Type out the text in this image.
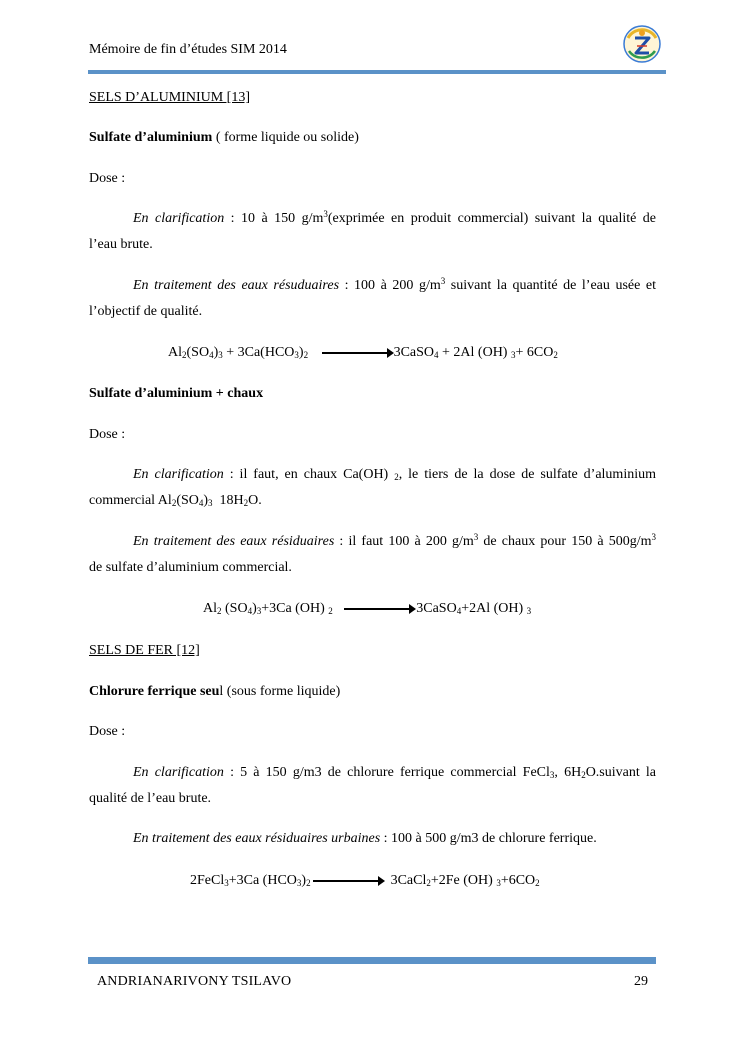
Mémoire de fin d’études SIM 2014
SELS D’ALUMINIUM [13]
Sulfate d’aluminium ( forme liquide ou solide)
Dose :
En clarification : 10 à 150 $g/m^3(exprimée$ en produit commercial) suivant la qualité de
l’eau brute.
En traitement des eaux résuduaires : 100 à 200 $g/m^3$ suivant la quantité de l’eau usée et
l’objectif de qualité.
$Al_2(SO_4)_3 + 3Ca(HCO_3)_2$	3CaSO$_4$ + 2Al (OH) $_3+ 6CO_2$
Sulfate d’aluminium + chaux
Dose :
En clarification : il faut, en chaux Ca(OH) $_2$, le tiers de la dose de sulfate d’aluminium
commercial $Al_2(SO_4)_3$  $18H_2O$.
En traitement des eaux résiduaires : il faut 100 à 200 $g/m^3$ de chaux pour 150 à $500g/m^3$
de sulfate d’aluminium commercial.
$Al_2$ $(SO_4)_3+3Ca$ (OH) $_2$	3CaSO$_4$+2Al (OH) $_3$
SELS DE FER [12]
Chlorure ferrique seul (sous forme liquide)
Dose :
En clarification : 5 à 150 g/m3 de chlorure ferrique commercial FeCl$_3$, $6H_2O.suivant$ la
qualité de l’eau brute.
En traitement des eaux résiduaires urbaines : 100 à 500 g/m3 de chlorure ferrique.
2FeCl$_3$+3Ca $(HCO_3)_2$	3CaCl$_2$+2Fe (OH) $_3+6CO_2$
ANDRIANARIVONY TSILAVO	29
